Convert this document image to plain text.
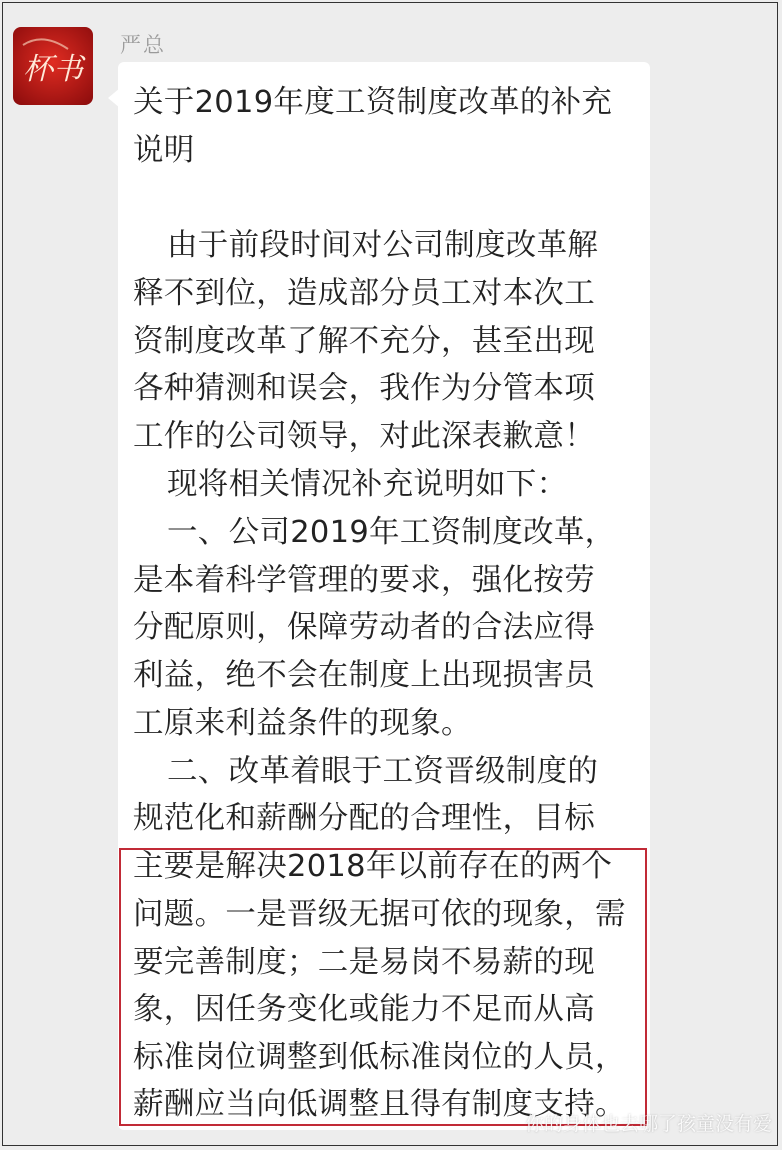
杯书
严总
关于2019年度工资制度改革的补充
说明
由于前段时间对公司制度改革解
释不到位，造成部分员工对本次工
资制度改革了解不充分，甚至出现
各种猜测和误会，我作为分管本项
工作的公司领导，对此深表歉意！
现将相关情况补充说明如下：
一、公司2019年工资制度改革，
是本着科学管理的要求，强化按劳
分配原则，保障劳动者的合法应得
利益，绝不会在制度上出现损害员
工原来利益条件的现象。
二、改革着眼于工资晋级制度的
规范化和薪酬分配的合理性，目标
主要是解决2018年以前存在的两个
问题。一是晋级无据可依的现象，需
要完善制度；二是易岗不易薪的现
象，因任务变化或能力不足而从高
标准岗位调整到低标准岗位的人员，
薪酬应当向低调整且得有制度支持。
你的身体也去哪了孩童没有爱
